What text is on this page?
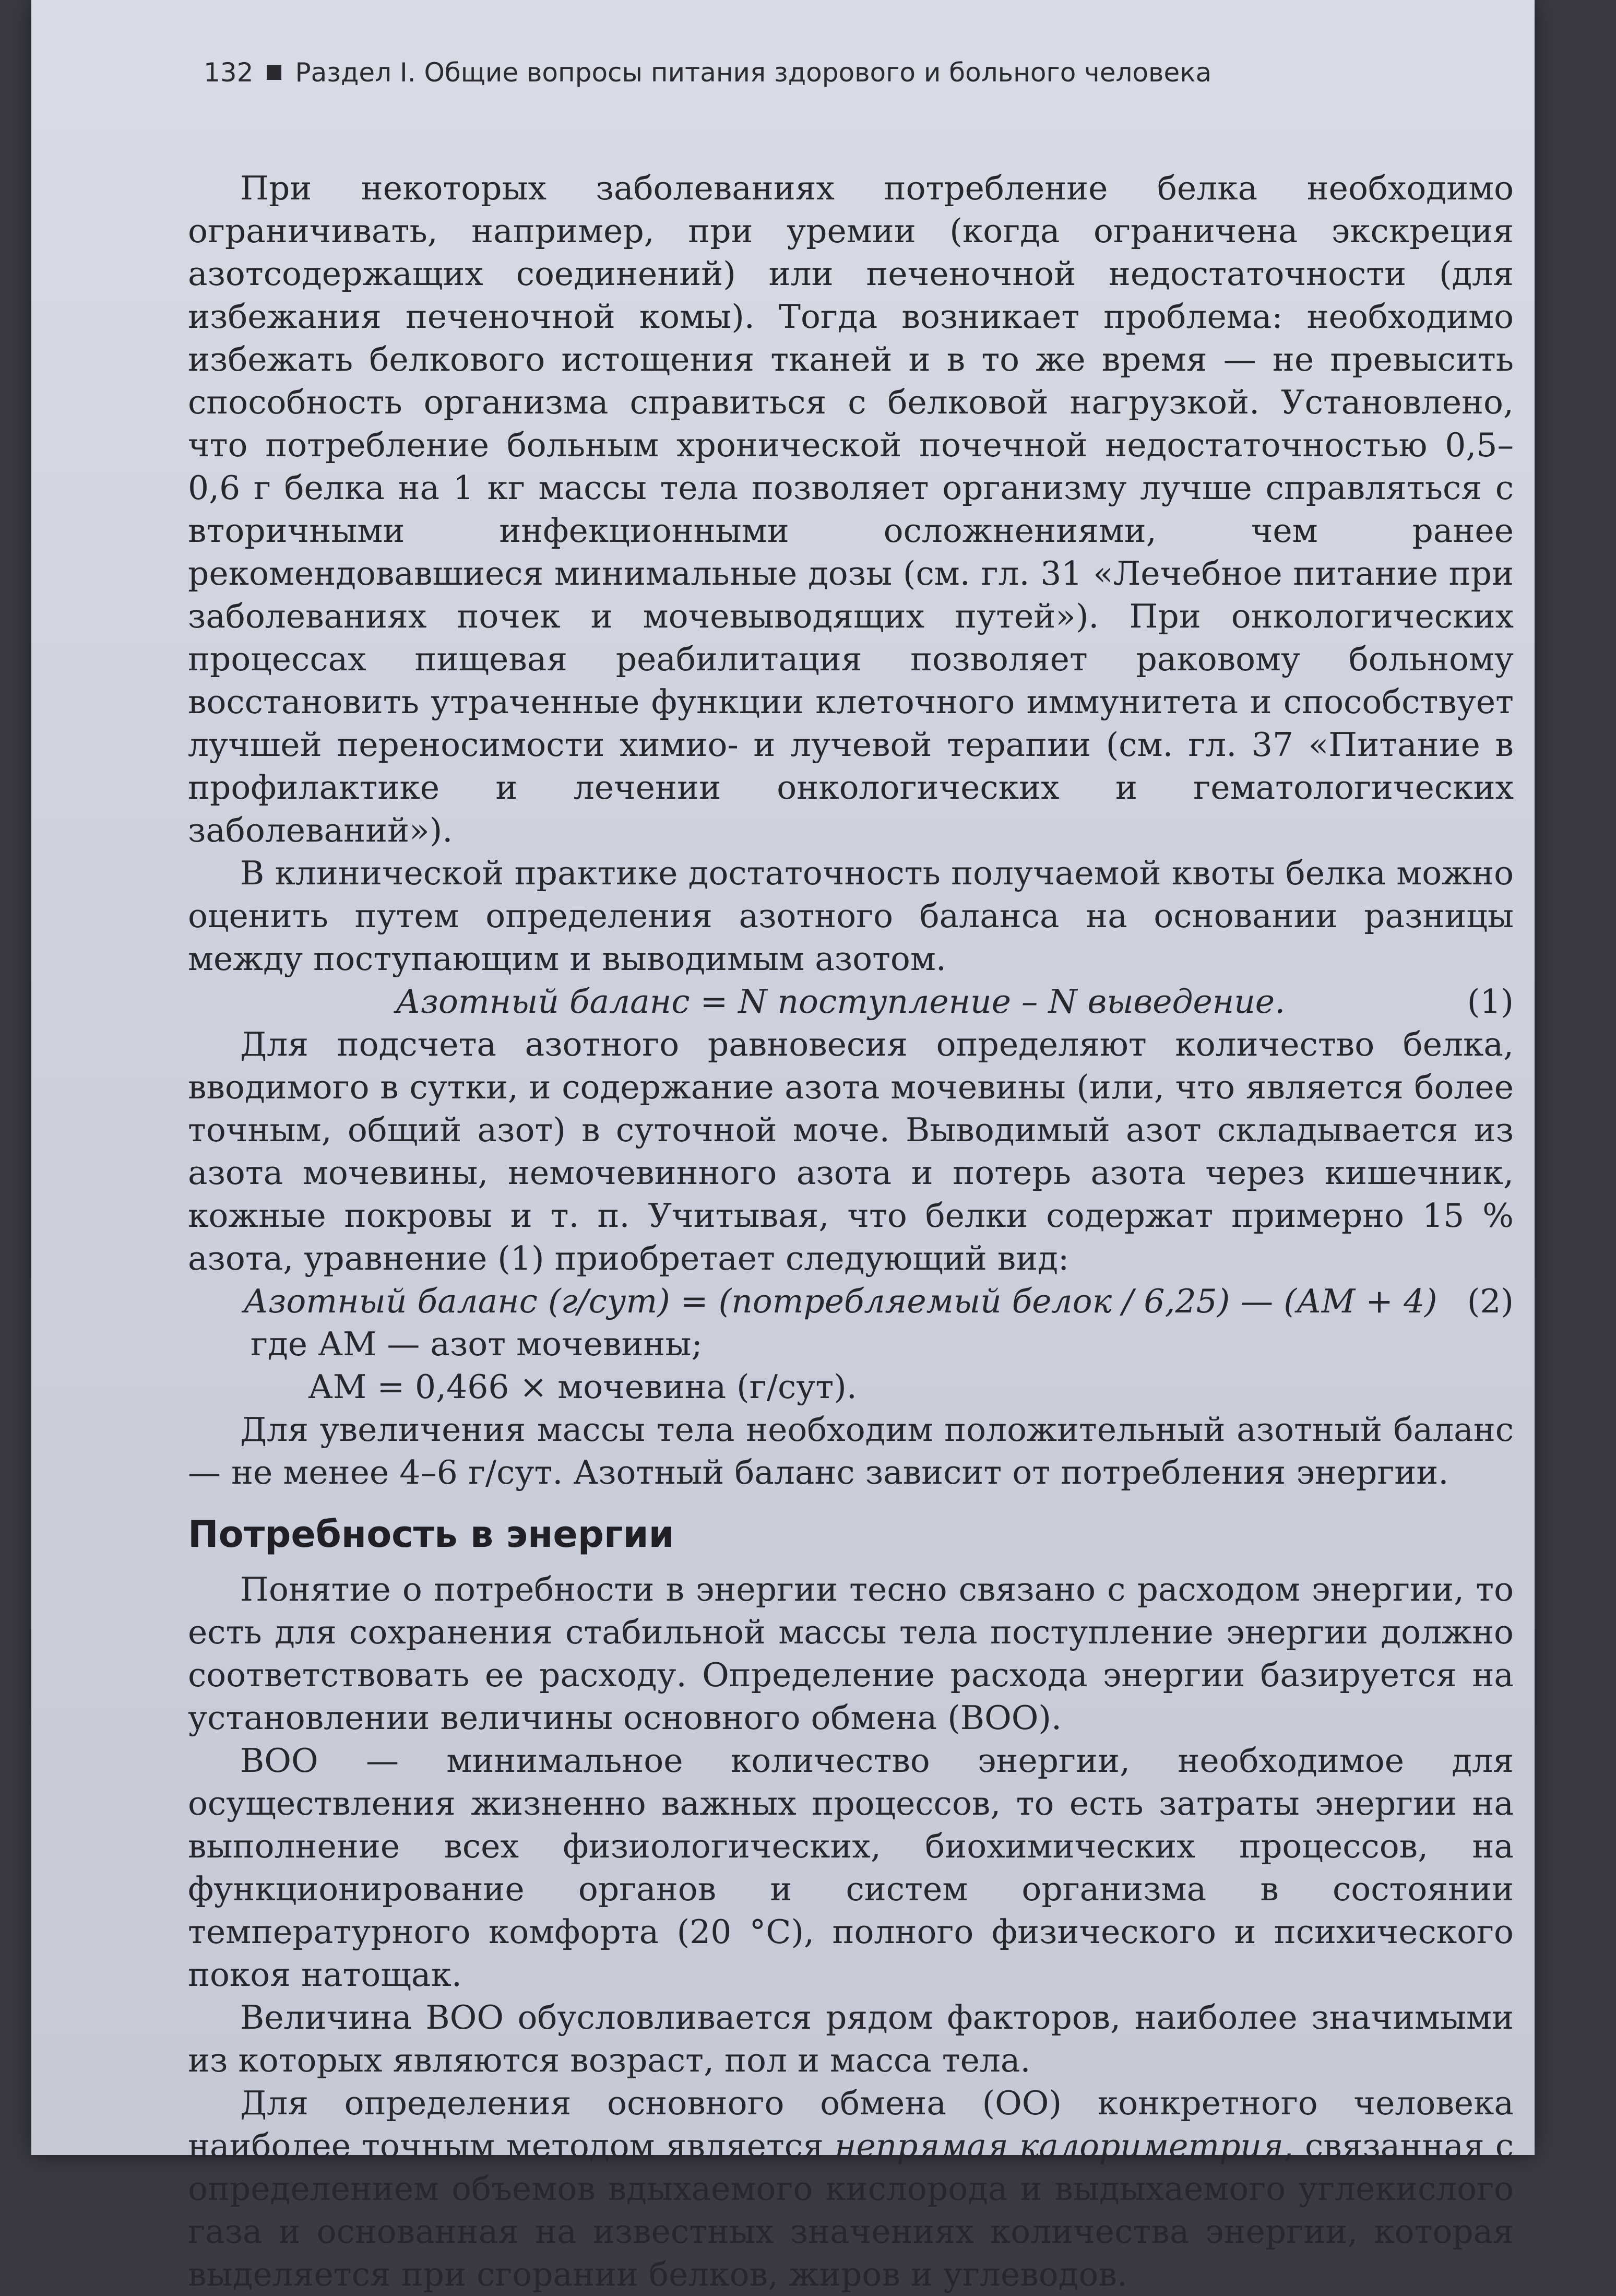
132 Раздел I. Общие вопросы питания здорового и больного человека

При некоторых заболеваниях потребление белка необходимо ограничивать, например, при уремии (когда ограничена экскреция азотсодержащих соединений) или печеночной недостаточности (для избежания печеночной комы). Тогда возникает проблема: необходимо избежать белкового истощения тканей и в то же время — не превысить способность организма справиться с белковой нагрузкой. Установлено, что потребление больным хронической почечной недостаточностью 0,5–0,6 г белка на 1 кг массы тела позволяет организму лучше справляться с вторичными инфекционными осложнениями, чем ранее рекомендовавшиеся минимальные дозы (см. гл. 31 «Лечебное питание при заболеваниях почек и мочевыводящих путей»). При онкологических процессах пищевая реабилитация позволяет раковому больному восстановить утраченные функции клеточного иммунитета и способствует лучшей переносимости химио- и лучевой терапии (см. гл. 37 «Питание в профилактике и лечении онкологических и гематологических заболеваний»).

В клинической практике достаточность получаемой квоты белка можно оценить путем определения азотного баланса на основании разницы между поступающим и выводимым азотом.

Азотный баланс = N поступление – N выведение.	(1)

Для подсчета азотного равновесия определяют количество белка, вводимого в сутки, и содержание азота мочевины (или, что является более точным, общий азот) в суточной моче. Выводимый азот складывается из азота мочевины, немочевинного азота и потерь азота через кишечник, кожные покровы и т. п. Учитывая, что белки содержат примерно 15 % азота, уравнение (1) приобретает следующий вид:

Азотный баланс (г/сут) = (потребляемый белок / 6,25) — (АМ + 4) (2)

где АМ — азот мочевины;

АМ = 0,466 × мочевина (г/сут).

Для увеличения массы тела необходим положительный азотный баланс — не менее 4–6 г/сут. Азотный баланс зависит от потребления энергии.

Потребность в энергии

Понятие о потребности в энергии тесно связано с расходом энергии, то есть для сохранения стабильной массы тела поступление энергии должно соответствовать ее расходу. Определение расхода энергии базируется на установлении величины основного обмена (ВОО).

ВОО — минимальное количество энергии, необходимое для осуществления жизненно важных процессов, то есть затраты энергии на выполнение всех физиологических, биохимических процессов, на функционирование органов и систем организма в состоянии температурного комфорта (20 °С), полного физического и психического покоя натощак.

Величина ВОО обусловливается рядом факторов, наиболее значимыми из которых являются возраст, пол и масса тела.

Для определения основного обмена (ОО) конкретного человека наиболее точным методом является непрямая калориметрия, связанная с определением объемов вдыхаемого кислорода и выдыхаемого углекислого газа и основанная на известных значениях количества энергии, которая выделяется при сгорании белков, жиров и углеводов.
